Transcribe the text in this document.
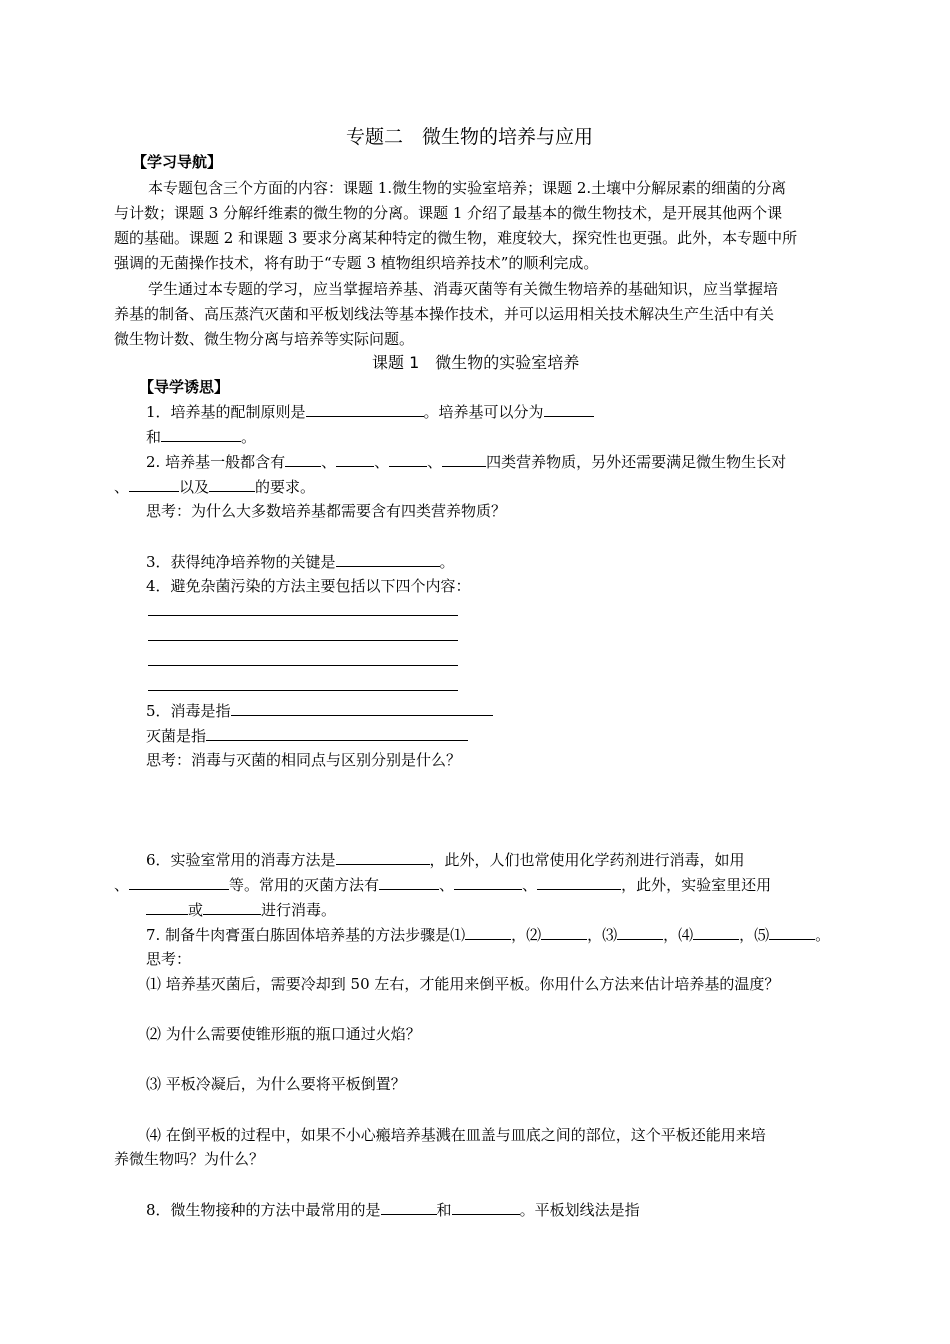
专题二　微生物的培养与应用
【学习导航】
本专题包含三个方面的内容：课题 1.微生物的实验室培养；课题 2.土壤中分解尿素的细菌的分离
与计数；课题 3 分解纤维素的微生物的分离。课题 1 介绍了最基本的微生物技术，是开展其他两个课
题的基础。课题 2 和课题 3 要求分离某种特定的微生物，难度较大，探究性也更强。此外，本专题中所
强调的无菌操作技术，将有助于“专题 3 植物组织培养技术”的顺利完成。
学生通过本专题的学习，应当掌握培养基、消毒灭菌等有关微生物培养的基础知识，应当掌握培
养基的制备、高压蒸汽灭菌和平板划线法等基本操作技术，并可以运用相关技术解决生产生活中有关
微生物计数、微生物分离与培养等实际问题。
课题 1　微生物的实验室培养
【导学诱思】
1．培养基的配制原则是	。培养基可以分为
和	。
2. 培养基一般都含有 、	、	、	四类营养物质，另外还需要满足微生物生长对
、	以及	的要求。
思考：为什么大多数培养基都需要含有四类营养物质？
3．获得纯净培养物的关键是	。
4．避免杂菌污染的方法主要包括以下四个内容：
5．消毒是指
灭菌是指
思考：消毒与灭菌的相同点与区别分别是什么？
6．实验室常用的消毒方法是	，此外，人们也常使用化学药剂进行消毒，如用
、	等。常用的灭菌方法有	、	、	，此外，实验室里还用
或	进行消毒。
7. 制备牛肉膏蛋白胨固体培养基的方法步骤是⑴	，⑵	，⑶	，⑷	，⑸	。
思考：
⑴ 培养基灭菌后，需要冷却到 50 左右，才能用来倒平板。你用什么方法来估计培养基的温度？
⑵ 为什么需要使锥形瓶的瓶口通过火焰？
⑶ 平板冷凝后，为什么要将平板倒置？
⑷ 在倒平板的过程中，如果不小心瘢培养基溅在皿盖与皿底之间的部位，这个平板还能用来培
养微生物吗？为什么？
8．微生物接种的方法中最常用的是	和	。平板划线法是指
